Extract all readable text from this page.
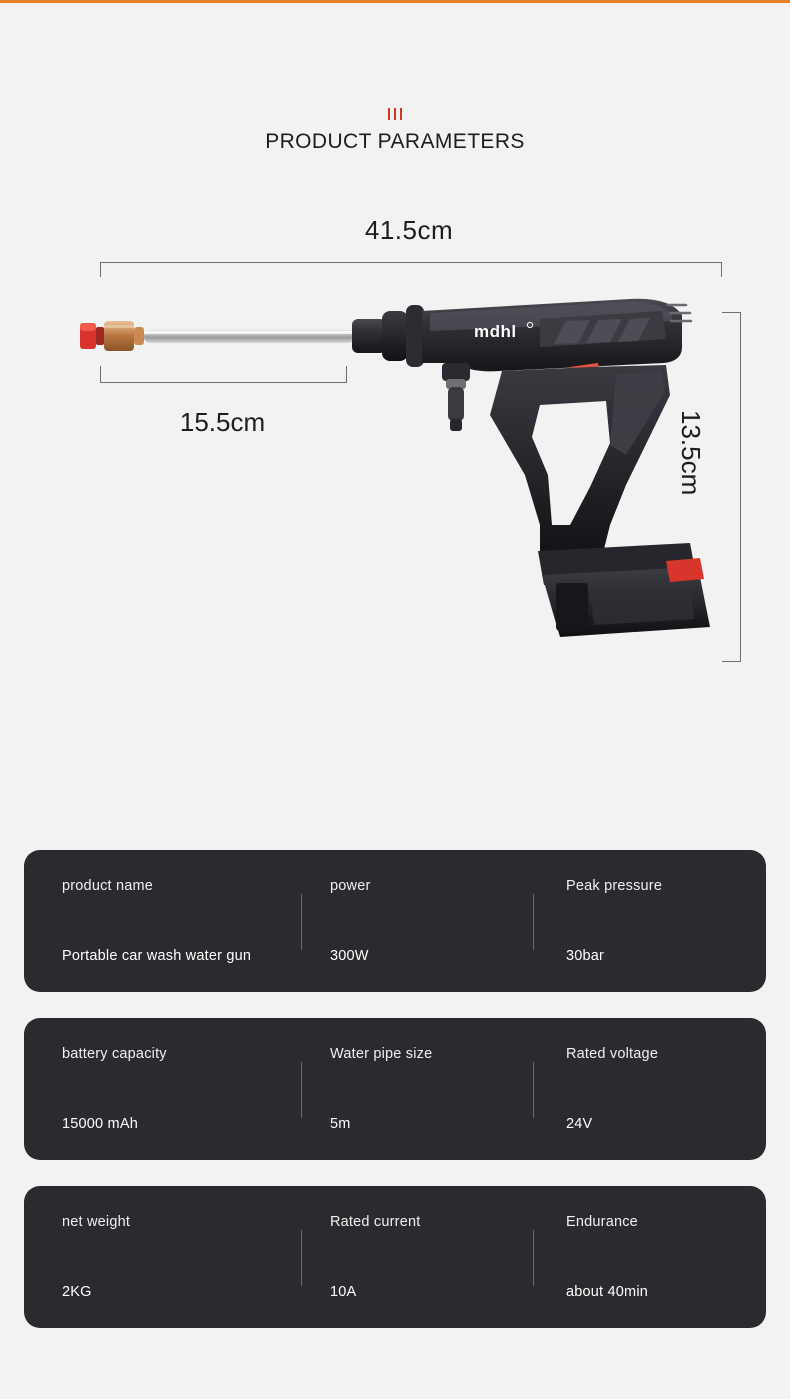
PRODUCT PARAMETERS
41.5cm
15.5cm	13.5cm
mdhl
product name
Portable car wash water gun
power
300W
Peak pressure
30bar
battery capacity
15000 mAh
Water pipe size
5m
Rated voltage
24V
net weight
2KG
Rated current
10A
Endurance
about 40min
